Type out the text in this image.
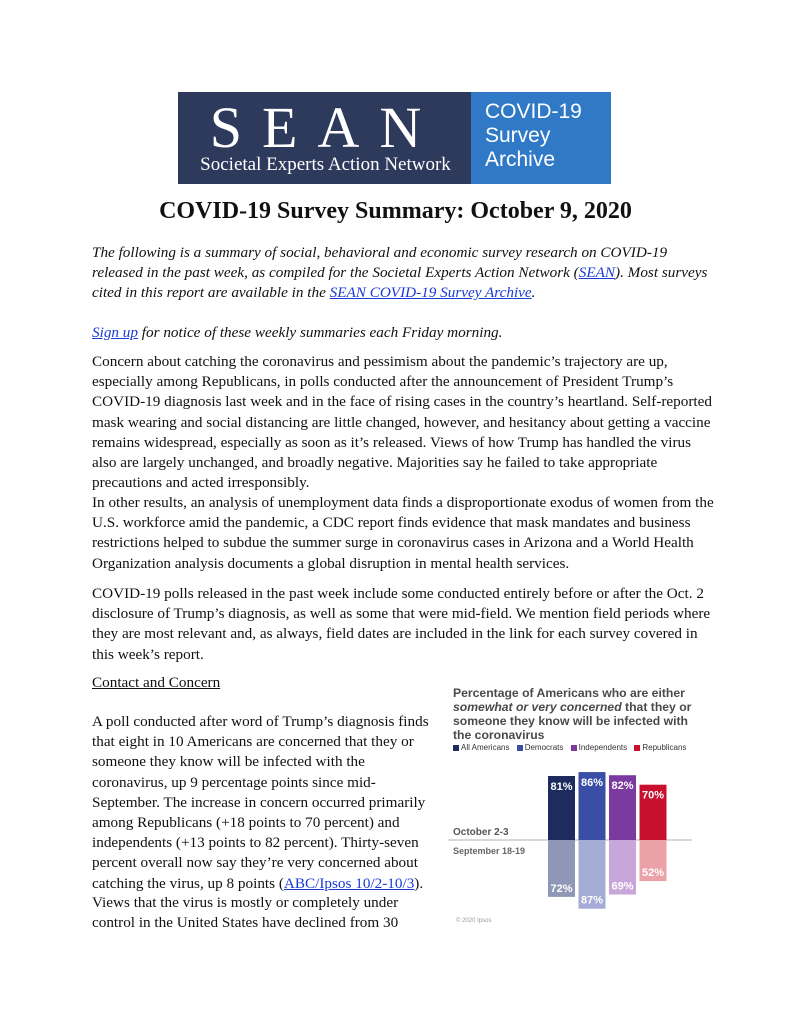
SEAN
Societal Experts Action Network
COVID-19
Survey
Archive
COVID-19 Survey Summary: October 9, 2020
The following is a summary of social, behavioral and economic survey research on COVID-19 released in the past week, as compiled for the Societal Experts Action Network (SEAN). Most surveys cited in this report are available in the SEAN COVID-19 Survey Archive.
Sign up for notice of these weekly summaries each Friday morning.
Concern about catching the coronavirus and pessimism about the pandemic’s trajectory are up, especially among Republicans, in polls conducted after the announcement of President Trump’s COVID-19 diagnosis last week and in the face of rising cases in the country’s heartland. Self-reported mask wearing and social distancing are little changed, however, and hesitancy about getting a vaccine remains widespread, especially as soon as it’s released. Views of how Trump has handled the virus also are largely unchanged, and broadly negative. Majorities say he failed to take appropriate precautions and acted irresponsibly.
In other results, an analysis of unemployment data finds a disproportionate exodus of women from the U.S. workforce amid the pandemic, a CDC report finds evidence that mask mandates and business restrictions helped to subdue the summer surge in coronavirus cases in Arizona and a World Health Organization analysis documents a global disruption in mental health services.
COVID-19 polls released in the past week include some conducted entirely before or after the Oct. 2 disclosure of Trump’s diagnosis, as well as some that were mid-field. We mention field periods where they are most relevant and, as always, field dates are included in the link for each survey covered in this week’s report.
Contact and Concern
A poll conducted after word of Trump’s diagnosis finds that eight in 10 Americans are concerned that they or someone they know will be infected with the coronavirus, up 9 percentage points since mid-September. The increase in concern occurred primarily among Republicans (+18 points to 70 percent) and independents (+13 points to 82 percent). Thirty-seven percent overall now say they’re very concerned about catching the virus, up 8 points (ABC/Ipsos 10/2-10/3).
Views that the virus is mostly or completely under control in the United States have declined from 30
Percentage of Americans who are either somewhat or very concerned that they or someone they know will be infected with the coronavirus
All Americans Democrats Independents Republicans
October 2-3
September 18-19
81%
72%
86%
87%
82%
69%
70%
52%
© 2020 Ipsos
